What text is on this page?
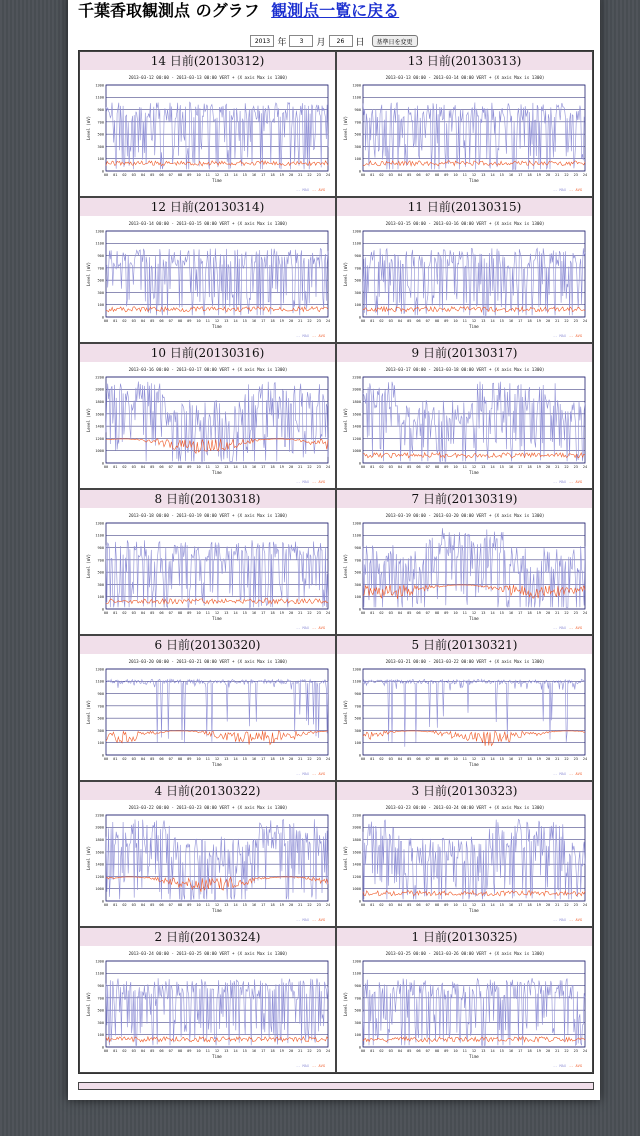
千葉香取観測点 のグラフ 観測点一覧に戻る
2013 年	3	月	26	日	基準日を変更
14 日前(20130312)
2013-03-12 00:00 - 2013-03-13 00:00 VERT + (X axis Max is 1300)
1300
1100
900
700
500
300
100
0
00 01 02 03 04 05 06 07 08 09 10 11 12 13 14 15 16 17 18 19 20 21 22 23 24
Time
Level (mV)
-- MAX -- AVG
13 日前(20130313)
2013-03-13 00:00 - 2013-03-14 00:00 VERT + (X axis Max is 1300)
1300
1100
900
700
500
300
100
0
00 01 02 03 04 05 06 07 08 09 10 11 12 13 14 15 16 17 18 19 20 21 22 23 24
Time
Level (mV)
-- MAX -- AVG
12 日前(20130314)
2013-03-14 00:00 - 2013-03-15 00:00 VERT + (X axis Max is 1300)
1300
1100
900
700
500
300
100
0
00 01 02 03 04 05 06 07 08 09 10 11 12 13 14 15 16 17 18 19 20 21 22 23 24
Time
Level (mV)
-- MAX -- AVG
11 日前(20130315)
2013-03-15 00:00 - 2013-03-16 00:00 VERT + (X axis Max is 1300)
1300
1100
900
700
500
300
100
0
00 01 02 03 04 05 06 07 08 09 10 11 12 13 14 15 16 17 18 19 20 21 22 23 24
Time
Level (mV)
-- MAX -- AVG
10 日前(20130316)
2013-03-16 00:00 - 2013-03-17 00:00 VERT + (X axis Max is 1300)
2200
2000
1800
1600
1400
1200
1000
0
00 01 02 03 04 05 06 07 08 09 10 11 12 13 14 15 16 17 18 19 20 21 22 23 24
Time
Level (mV)
-- MAX -- AVG
9 日前(20130317)
2013-03-17 00:00 - 2013-03-18 00:00 VERT + (X axis Max is 1300)
2200
2000
1800
1600
1400
1200
1000
0
00 01 02 03 04 05 06 07 08 09 10 11 12 13 14 15 16 17 18 19 20 21 22 23 24
Time
Level (mV)
-- MAX -- AVG
8 日前(20130318)
2013-03-18 00:00 - 2013-03-19 00:00 VERT + (X axis Max is 1300)
1300
1100
900
700
500
300
100
0
00 01 02 03 04 05 06 07 08 09 10 11 12 13 14 15 16 17 18 19 20 21 22 23 24
Time
Level (mV)
-- MAX -- AVG
7 日前(20130319)
2013-03-19 00:00 - 2013-03-20 00:00 VERT + (X axis Max is 1300)
1300
1100
900
700
500
300
100
0
00 01 02 03 04 05 06 07 08 09 10 11 12 13 14 15 16 17 18 19 20 21 22 23 24
Time
Level (mV)
-- MAX -- AVG
6 日前(20130320)
2013-03-20 00:00 - 2013-03-21 00:00 VERT + (X axis Max is 1300)
1300
1100
900
700
500
300
100
0
00 01 02 03 04 05 06 07 08 09 10 11 12 13 14 15 16 17 18 19 20 21 22 23 24
Time
Level (mV)
-- MAX -- AVG
5 日前(20130321)
2013-03-21 00:00 - 2013-03-22 00:00 VERT + (X axis Max is 1300)
1300
1100
900
700
500
300
100
0
00 01 02 03 04 05 06 07 08 09 10 11 12 13 14 15 16 17 18 19 20 21 22 23 24
Time
Level (mV)
-- MAX -- AVG
4 日前(20130322)
2013-03-22 00:00 - 2013-03-23 00:00 VERT + (X axis Max is 1300)
2200
2000
1800
1600
1400
1200
1000
0
00 01 02 03 04 05 06 07 08 09 10 11 12 13 14 15 16 17 18 19 20 21 22 23 24
Time
Level (mV)
-- MAX -- AVG
3 日前(20130323)
2013-03-23 00:00 - 2013-03-24 00:00 VERT + (X axis Max is 1300)
2200
2000
1800
1600
1400
1200
1000
0
00 01 02 03 04 05 06 07 08 09 10 11 12 13 14 15 16 17 18 19 20 21 22 23 24
Time
Level (mV)
-- MAX -- AVG
2 日前(20130324)
2013-03-24 00:00 - 2013-03-25 00:00 VERT + (X axis Max is 1300)
1300
1100
900
700
500
300
100
0
00 01 02 03 04 05 06 07 08 09 10 11 12 13 14 15 16 17 18 19 20 21 22 23 24
Time
Level (mV)
-- MAX -- AVG
1 日前(20130325)
2013-03-25 00:00 - 2013-03-26 00:00 VERT + (X axis Max is 1300)
1300
1100
900
700
500
300
100
0
00 01 02 03 04 05 06 07 08 09 10 11 12 13 14 15 16 17 18 19 20 21 22 23 24
Time
Level (mV)
-- MAX -- AVG
